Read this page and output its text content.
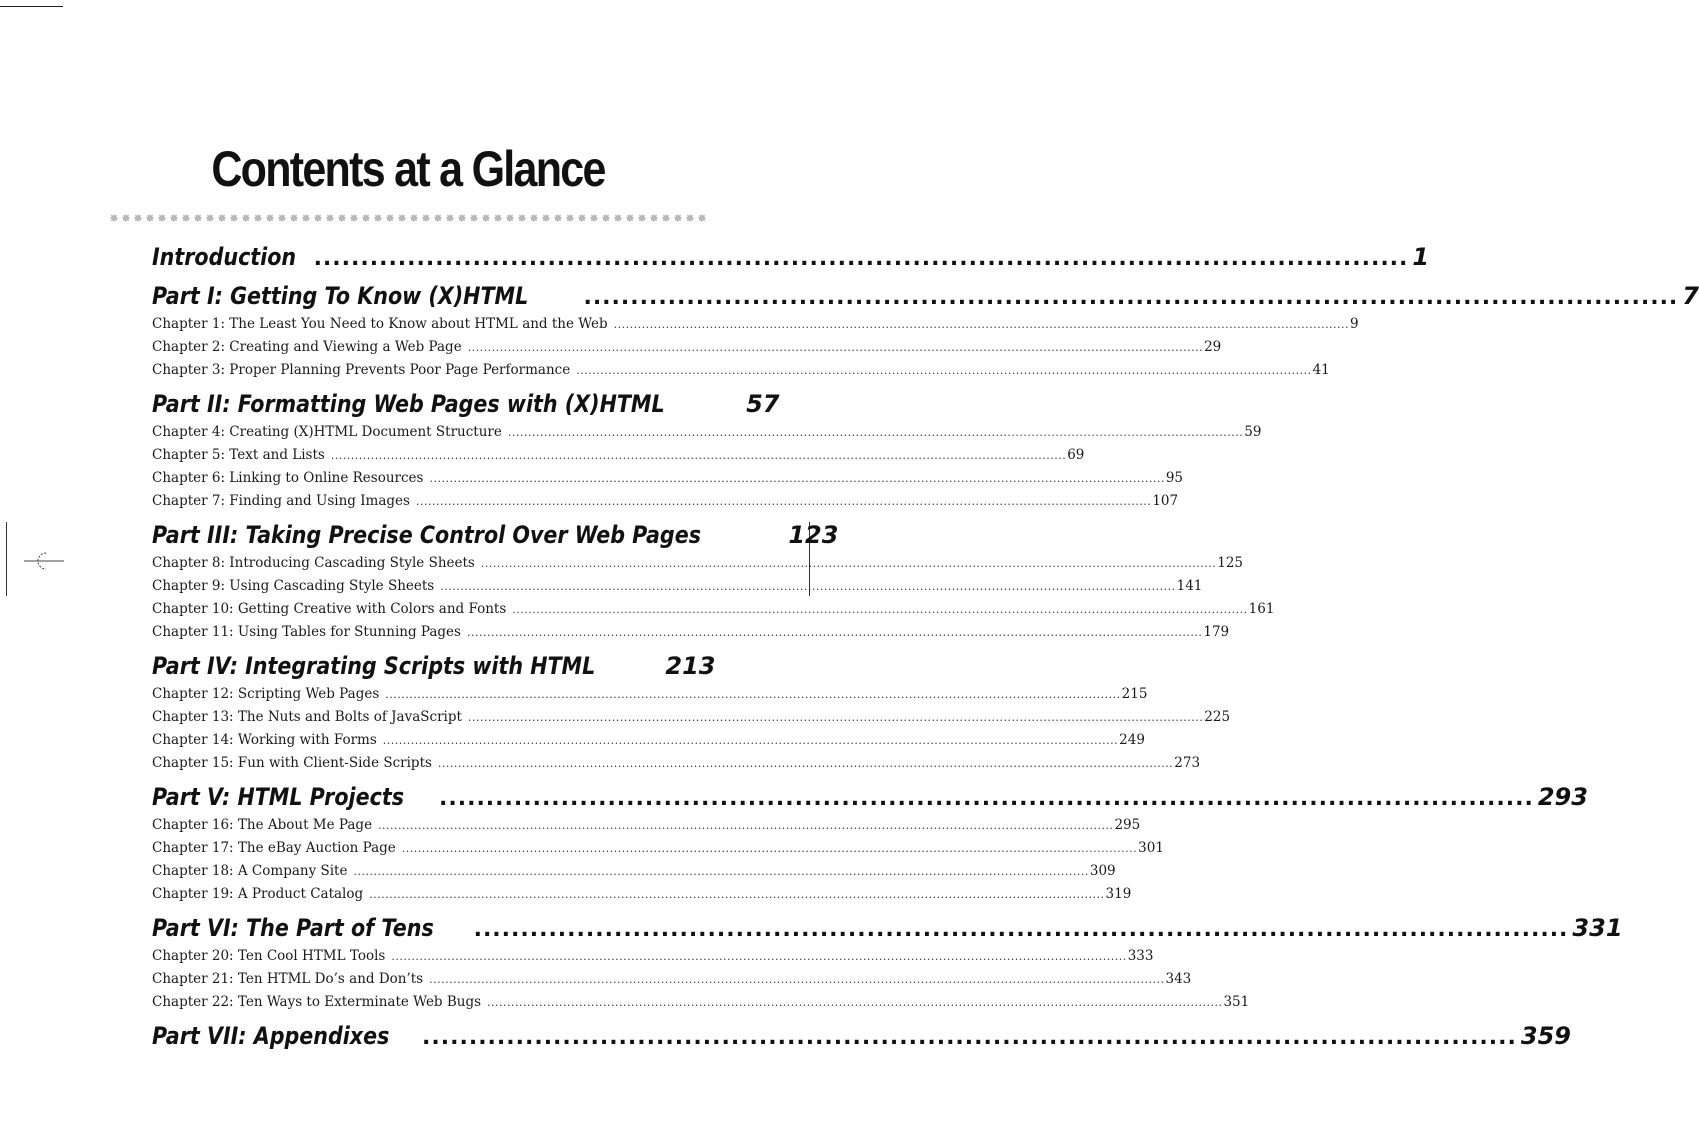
Contents at a Glance
✵ ✵ ✵ ✵ ✵ ✵ ✵ ✵ ✵ ✵ ✵ ✵ ✵ ✵ ✵ ✵ ✵ ✵ ✵ ✵ ✵ ✵ ✵ ✵ ✵ ✵ ✵ ✵ ✵ ✵ ✵ ✵ ✵ ✵ ✵ ✵ ✵ ✵ ✵ ✵ ✵ ✵ ✵ ✵ ✵ ✵ ✵ ✵ ✵ ✵
Introduction .....	1
Part I: Getting To Know (X)HTML .....	7
Chapter 1: The Least You Need to Know about HTML and the Web .....	9
Chapter 2: Creating and Viewing a Web Page .....	29
Chapter 3: Proper Planning Prevents Poor Page Performance .....	41
Part II: Formatting Web Pages with (X)HTML	57
Chapter 4: Creating (X)HTML Document Structure .....	59
Chapter 5: Text and Lists .....	69
Chapter 6: Linking to Online Resources .....	95
Chapter 7: Finding and Using Images .....	107
Part III: Taking Precise Control Over Web Pages	123
Chapter 8: Introducing Cascading Style Sheets .....	125
Chapter 9: Using Cascading Style Sheets .....	141
Chapter 10: Getting Creative with Colors and Fonts .....	161
Chapter 11: Using Tables for Stunning Pages .....	179
Part IV: Integrating Scripts with HTML	213
Chapter 12: Scripting Web Pages .....	215
Chapter 13: The Nuts and Bolts of JavaScript .....	225
Chapter 14: Working with Forms .....	249
Chapter 15: Fun with Client-Side Scripts .....	273
Part V: HTML Projects .....	293
Chapter 16: The About Me Page .....	295
Chapter 17: The eBay Auction Page .....	301
Chapter 18: A Company Site .....	309
Chapter 19: A Product Catalog .....	319
Part VI: The Part of Tens .....	331
Chapter 20: Ten Cool HTML Tools .....	333
Chapter 21: Ten HTML Do’s and Don’ts .....	343
Chapter 22: Ten Ways to Exterminate Web Bugs .....	351
Part VII: Appendixes .....	359
